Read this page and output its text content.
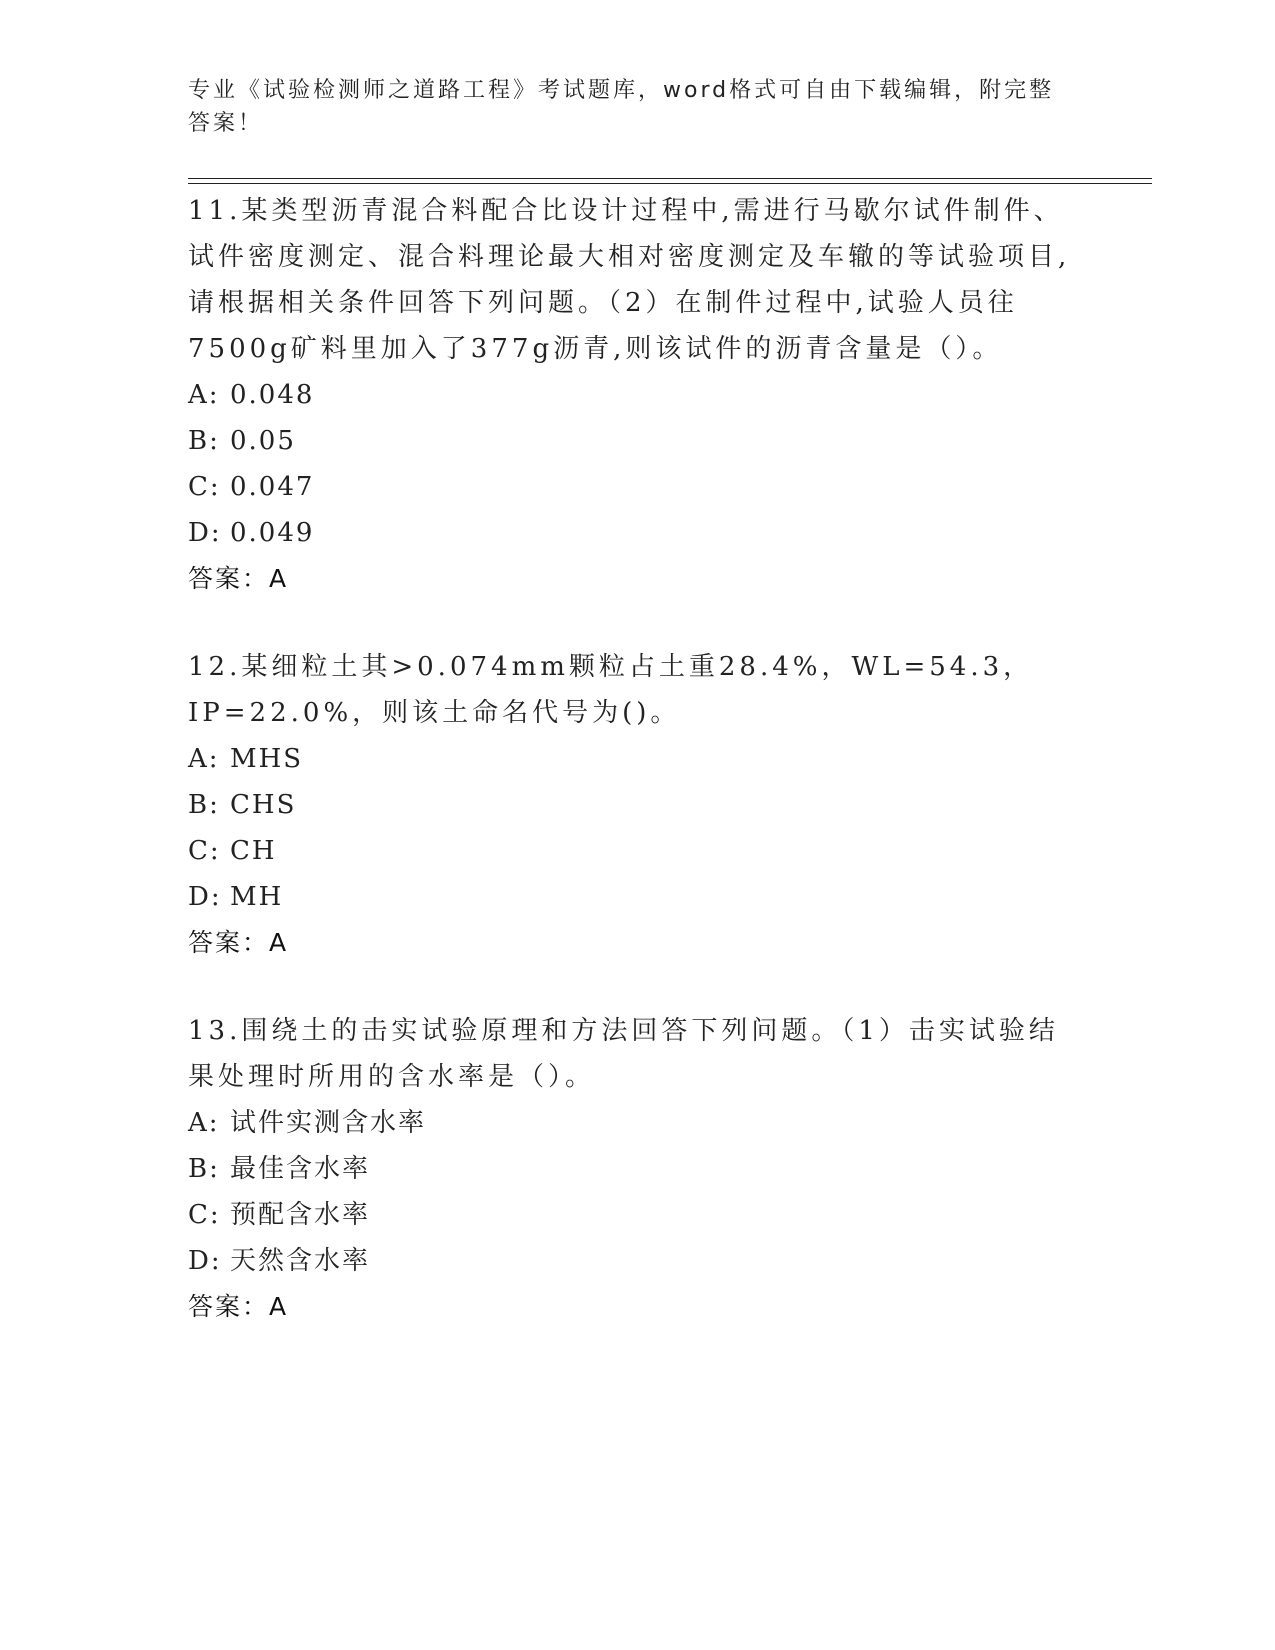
专业《试验检测师之道路工程》考试题库，word格式可自由下载编辑，附完整答案！

11.某类型沥青混合料配合比设计过程中,需进行马歇尔试件制件、试件密度测定、混合料理论最大相对密度测定及车辙的等试验项目,请根据相关条件回答下列问题。（2）在制件过程中,试验人员往7500g矿料里加入了377g沥青,则该试件的沥青含量是（）。

A: 0.048

B: 0.05

C: 0.047

D: 0.049

答案：A

12.某细粒土其>0.074mm颗粒占土重28.4%，WL=54.3，IP=22.0%，则该土命名代号为()。

A: MHS

B: CHS

C: CH

D: MH

答案：A

13.围绕土的击实试验原理和方法回答下列问题。（1）击实试验结果处理时所用的含水率是（）。

A: 试件实测含水率

B: 最佳含水率

C: 预配含水率

D: 天然含水率

答案：A
